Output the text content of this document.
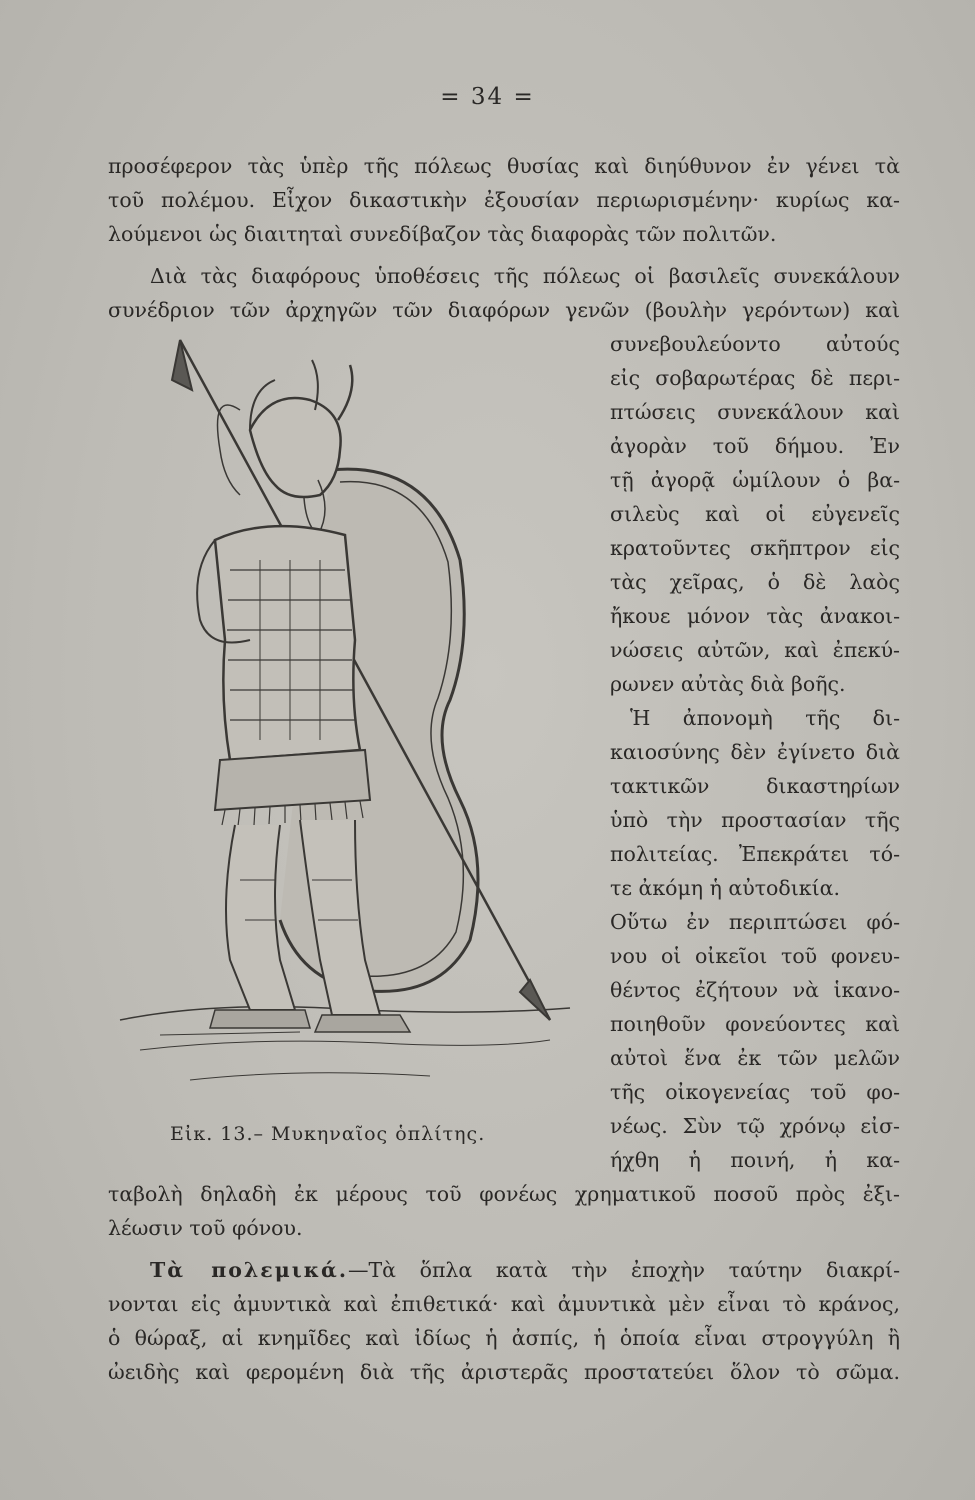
= 34 =
προσέφερον τὰς ὑπὲρ τῆς πόλεως θυσίας καὶ διηύθυνον ἐν γένει τὰ
τοῦ πολέμου. Εἶχον δικαστικὴν ἐξουσίαν περιωρισμένην· κυρίως κα-
λούμενοι ὡς διαιτηταὶ συνεδίβαζον τὰς διαφορὰς τῶν πολιτῶν.
Διὰ τὰς διαφόρους ὑποθέσεις τῆς πόλεως οἱ βασιλεῖς συνεκάλουν
συνέδριον τῶν ἀρχηγῶν τῶν διαφόρων γενῶν (βουλὴν γερόντων) καὶ
συνεβουλεύοντο αὐτούς
εἰς σοβαρωτέρας δὲ περι-
πτώσεις συνεκάλουν καὶ
ἀγορὰν τοῦ δήμου. Ἐν
τῇ ἀγορᾷ ὡμίλουν ὁ βα-
σιλεὺς καὶ οἱ εὐγενεῖς
κρατοῦντες σκῆπτρον εἰς
τὰς χεῖρας, ὁ δὲ λαὸς
ἤκουε μόνον τὰς ἀνακοι-
νώσεις αὐτῶν, καὶ ἐπεκύ-
ρωνεν αὐτὰς διὰ βοῆς.
Ἡ ἀπονομὴ τῆς δι-
καιοσύνης δὲν ἐγίνετο διὰ
τακτικῶν δικαστηρίων
ὑπὸ τὴν προστασίαν τῆς
πολιτείας. Ἐπεκράτει τό-
τε ἀκόμη ἡ αὐτοδικία.
Οὕτω ἐν περιπτώσει φό-
νου οἱ οἰκεῖοι τοῦ φονευ-
θέντος ἐζήτουν νὰ ἱκανο-
ποιηθοῦν φονεύοντες καὶ
αὐτοὶ ἕνα ἐκ τῶν μελῶν
τῆς οἰκογενείας τοῦ φο-
νέως. Σὺν τῷ χρόνῳ εἰσ-
ήχθη ἡ ποινή, ἡ κα-
Εἰκ. 13.– Μυκηναῖος ὁπλίτης.
ταβολὴ δηλαδὴ ἐκ μέρους τοῦ φονέως χρηματικοῦ ποσοῦ πρὸς ἐξι-
λέωσιν τοῦ φόνου.
Τὰ πολεμικά.—Τὰ ὅπλα κατὰ τὴν ἐποχὴν ταύτην διακρί-
νονται εἰς ἀμυντικὰ καὶ ἐπιθετικά· καὶ ἀμυντικὰ μὲν εἶναι τὸ κράνος,
ὁ θώραξ, αἱ κνημῖδες καὶ ἰδίως ἡ ἀσπίς, ἡ ὁποία εἶναι στρογγύλη ἢ
ὠειδὴς καὶ φερομένη διὰ τῆς ἀριστερᾶς προστατεύει ὅλον τὸ σῶμα.
